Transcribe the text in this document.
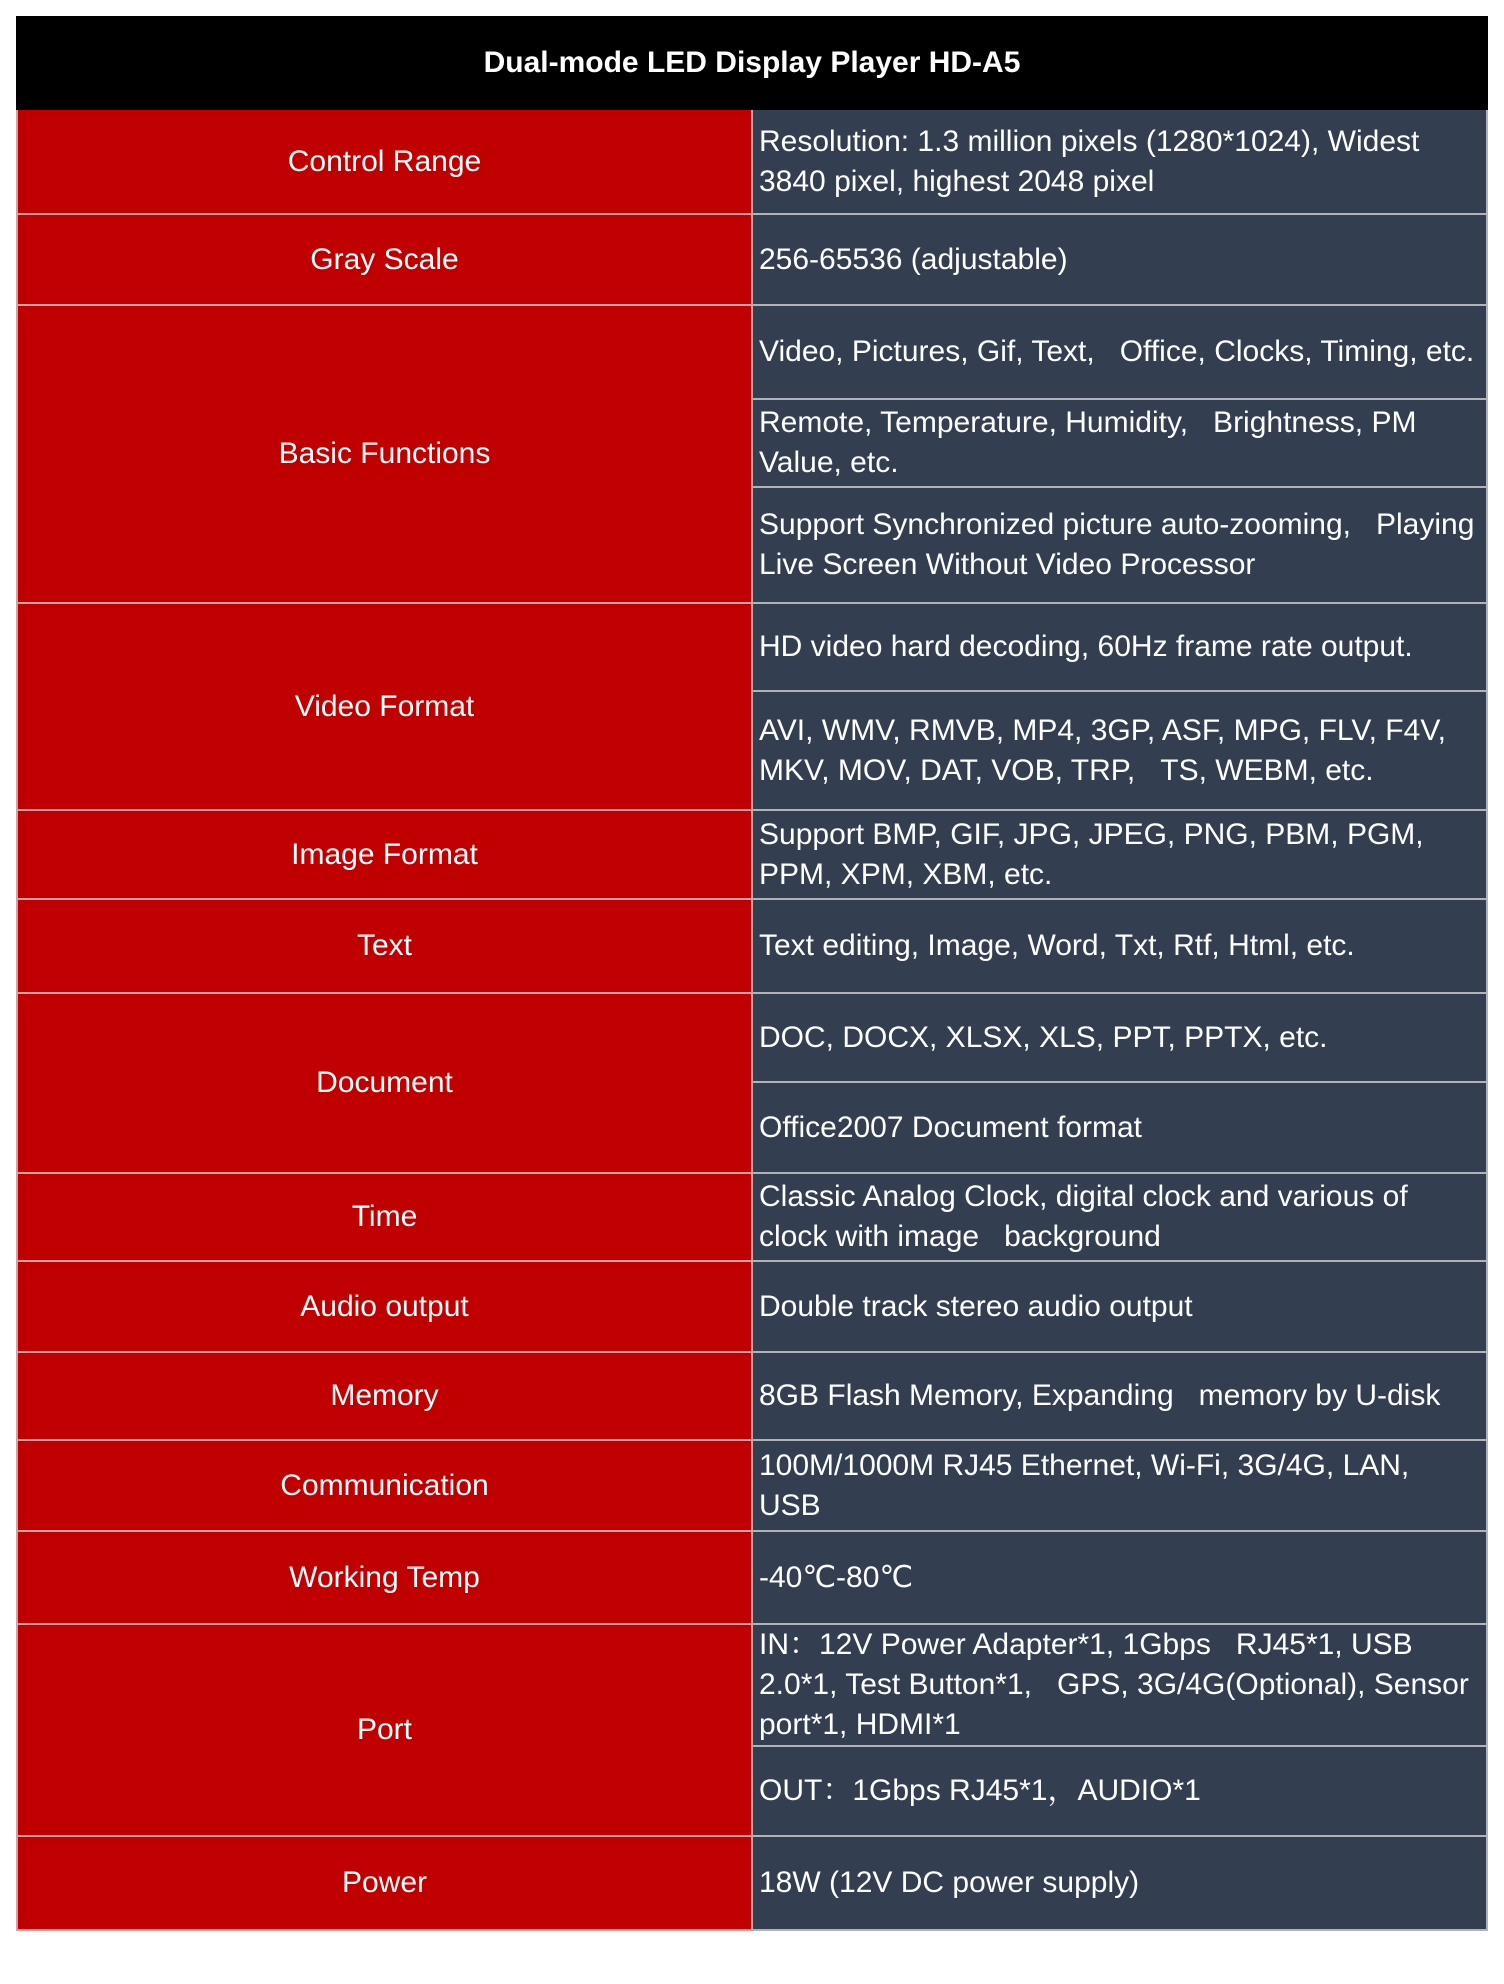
Dual-mode LED Display Player HD-A5	
Control Range	Resolution: 1.3 million pixels (1280*1024), Widest 3840 pixel, highest 2048 pixel

Gray Scale	256-65536 (adjustable)

Basic Functions	Video, Pictures, Gif, Text,   Office, Clocks, Timing, etc.

	Remote, Temperature, Humidity,   Brightness, PM Value, etc.

	Support Synchronized picture auto-zooming,   Playing Live Screen Without Video Processor

Video Format	HD video hard decoding, 60Hz frame rate output.

	AVI, WMV, RMVB, MP4, 3GP, ASF, MPG, FLV, F4V, MKV, MOV, DAT, VOB, TRP,   TS, WEBM, etc.

Image Format	Support BMP, GIF, JPG, JPEG, PNG, PBM, PGM, PPM, XPM, XBM, etc.

Text	Text editing, Image, Word, Txt, Rtf, Html, etc.

Document	DOC, DOCX, XLSX, XLS, PPT, PPTX, etc.

	Office2007 Document format

Time	Classic Analog Clock, digital clock and various of clock with image   background

Audio output	Double track stereo audio output

Memory	8GB Flash Memory, Expanding   memory by U-disk

Communication	100M/1000M RJ45 Ethernet, Wi-Fi, 3G/4G, LAN, USB

Working Temp	-40℃-80℃

Port	IN：12V Power Adapter*1, 1Gbps   RJ45*1, USB 2.0*1, Test Button*1,   GPS, 3G/4G(Optional), Sensor port*1, HDMI*1

	OUT：1Gbps RJ45*1，AUDIO*1

Power	18W (12V DC power supply)
